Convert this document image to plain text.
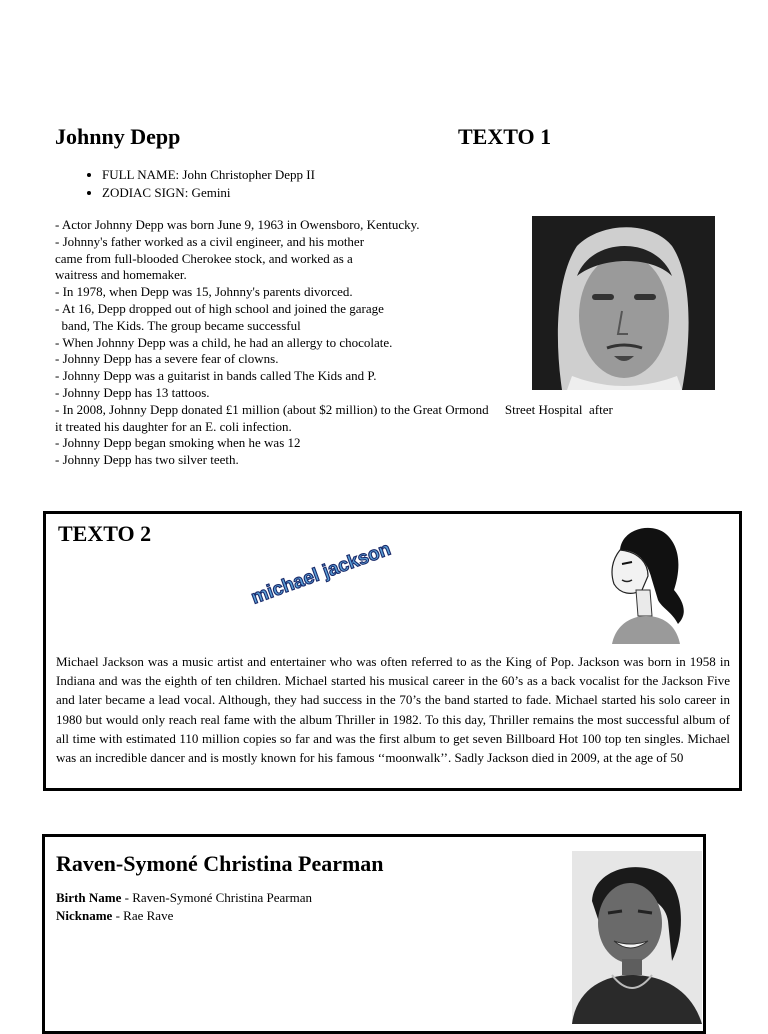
Johnny Depp	TEXTO 1
• FULL NAME: John Christopher Depp II
• ZODIAC SIGN: Gemini
- Actor Johnny Depp was born June 9, 1963 in Owensboro, Kentucky.
- Johnny's father worked as a civil engineer, and his mother
came from full-blooded Cherokee stock, and worked as a
waitress and homemaker.
- In 1978, when Depp was 15, Johnny's parents divorced.
- At 16, Depp dropped out of high school and joined the garage
band, The Kids. The group became successful
- When Johnny Depp was a child, he had an allergy to chocolate.
- Johnny Depp has a severe fear of clowns.
- Johnny Depp was a guitarist in bands called The Kids and P.
- Johnny Depp has 13 tattoos.
- In 2008, Johnny Depp donated £1 million (about $2 million) to the Great Ormond     Street Hospital  after
it treated his daughter for an E. coli infection.
- Johnny Depp began smoking when he was 12
- Johnny Depp has two silver teeth.
TEXTO 2
michael jackson
Michael Jackson was a music artist and entertainer who was often referred to as the King of Pop. Jackson was born in 1958 in Indiana and was the eighth of ten children. Michael started his musical career in the 60’s as a back vocalist for the Jackson Five and later became a lead vocal. Although, they had success in the 70’s the band started to fade. Michael started his solo career in 1980 but would only reach real fame with the album Thriller in 1982. To this day, Thriller remains the most successful album of all time with estimated 110 million copies so far and was the first album to get seven Billboard Hot 100 top ten singles. Michael was an incredible dancer and is mostly known for his famous ‘‘moonwalk’’. Sadly Jackson died in 2009, at the age of 50
Raven-Symoné Christina Pearman
Birth Name - Raven-Symoné Christina Pearman
Nickname - Rae Rave
